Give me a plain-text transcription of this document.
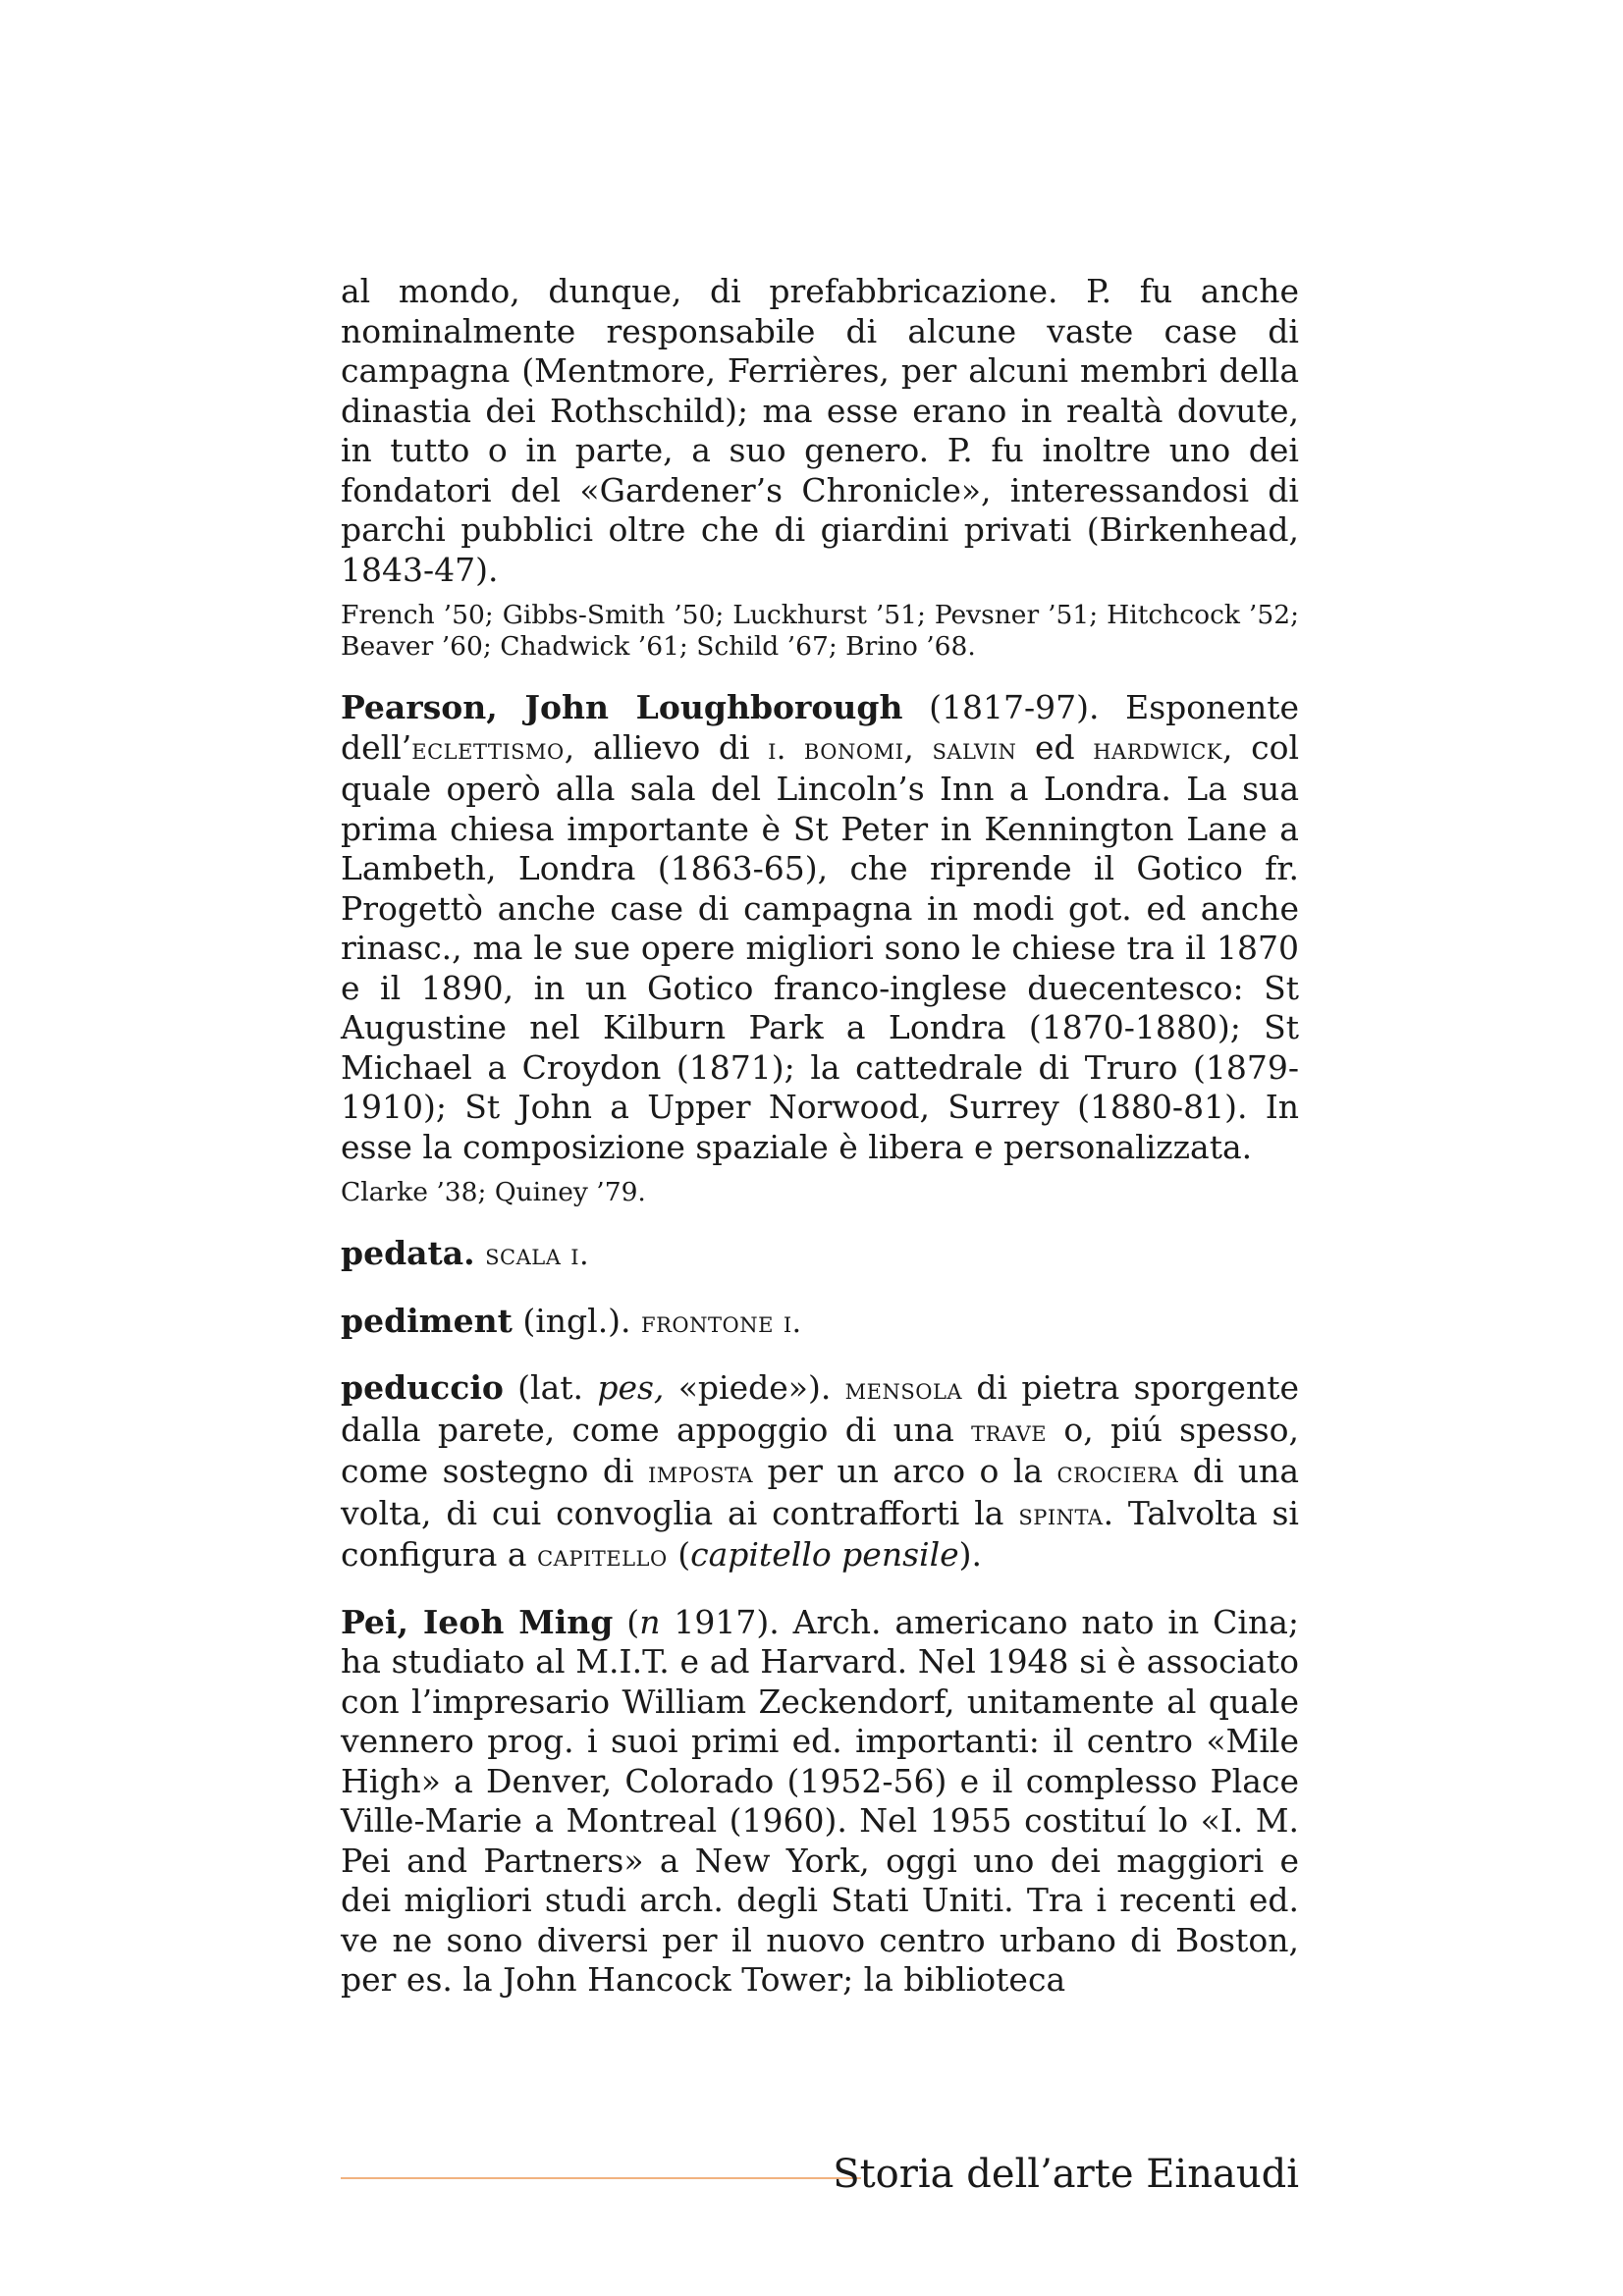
al mondo, dunque, di prefabbricazione. P. fu anche nominalmente responsabile di alcune vaste case di campagna (Mentmore, Ferrières, per alcuni membri della dinastia dei Rothschild); ma esse erano in realtà dovute, in tutto o in parte, a suo genero. P. fu inoltre uno dei fondatori del «Gardener’s Chronicle», interessandosi di parchi pubblici oltre che di giardini privati (Birkenhead, 1843-47).

French ’50; Gibbs-Smith ’50; Luckhurst ’51; Pevsner ’51; Hitchcock ’52; Beaver ’60; Chadwick ’61; Schild ’67; Brino ’68.

Pearson, John Loughborough (1817-97). Esponente dell’eclettismo, allievo di i. bonomi, salvin ed hardwick, col quale operò alla sala del Lincoln’s Inn a Londra. La sua prima chiesa importante è St Peter in Kennington Lane a Lambeth, Londra (1863-65), che riprende il Gotico fr. Progettò anche case di campagna in modi got. ed anche rinasc., ma le sue opere migliori sono le chiese tra il 1870 e il 1890, in un Gotico franco-inglese duecentesco: St Augustine nel Kilburn Park a Londra (1870-1880); St Michael a Croydon (1871); la cattedrale di Truro (1879-1910); St John a Upper Norwood, Surrey (1880-81). In esse la composizione spaziale è libera e personalizzata.

Clarke ’38; Quiney ’79.

pedata. scala i.

pediment (ingl.). frontone i.

peduccio (lat. pes, «piede»). mensola di pietra sporgente dalla parete, come appoggio di una trave o, piú spesso, come sostegno di imposta per un arco o la crociera di una volta, di cui convoglia ai contrafforti la spinta. Talvolta si configura a capitello (capitello pensile).

Pei, Ieoh Ming (n 1917). Arch. americano nato in Cina; ha studiato al M.I.T. e ad Harvard. Nel 1948 si è associato con l’impresario William Zeckendorf, unitamente al quale vennero prog. i suoi primi ed. importanti: il centro «Mile High» a Denver, Colorado (1952-56) e il complesso Place Ville-Marie a Montreal (1960). Nel 1955 costituí lo «I. M. Pei and Partners» a New York, oggi uno dei maggiori e dei migliori studi arch. degli Stati Uniti. Tra i recenti ed. ve ne sono diversi per il nuovo centro urbano di Boston, per es. la John Hancock Tower; la biblioteca

Storia dell’arte Einaudi
